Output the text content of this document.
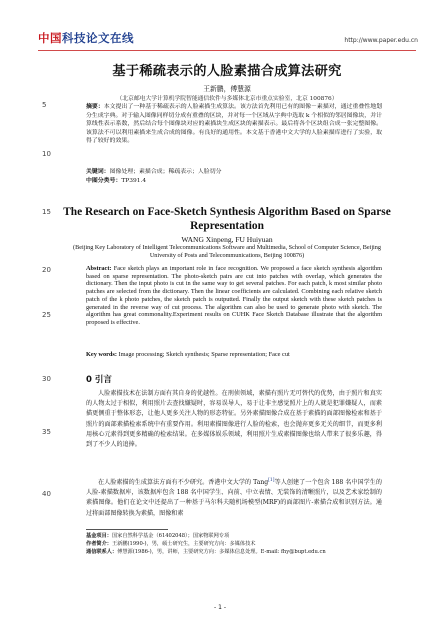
中国科技论文在线	http://www.paper.edu.cn
5
10
15
20
25
30
35
40
基于稀疏表示的人脸素描合成算法研究
王新鹏，傅慧源
（北京邮电大学计算机学院智能通信软件与多媒体北京市重点实验室，北京 100876）
摘要：本文提出了一种基于稀疏表示的人脸素描生成算法。该方法首先利用已有的图像－素描对，通过重叠性地划分生成字典。对于输入图像同样切分成有重叠的区块，并对每一个区域从字典中选取 k 个相似的邻居图像块，并计算线性表示系数，然后结合每个图像块对应的素描块生成区块的素描表示。最后将各个区块组合成一张完整图像。该算法不可以利用素描来生成合成的图像。有良好的通用性。本文基于香港中文大学的人脸素描库进行了实验，取得了较好的效果。
关键词：图像处理；素描合成；稀疏表示；人脸切分
中图分类号：TP391.4
The Research on Face-Sketch Synthesis Algorithm Based on Sparse Representation
WANG Xinpeng, FU Huiyuan
(Beijing Key Laboratory of Intelligent Telecommunications Software and Multimedia, School of Computer Science, Beijing University of Posts and Telecommunications, Beijing 100876)
Abstract: Face sketch plays an important role in face recognition. We proposed a face sketch synthesis algorithm based on sparse representation. The photo-sketch pairs are cut into patches with overlap, which generates the dictionary. Then the input photo is cut in the same way to get several patches. For each patch, k most similar photo patches are selected from the dictionary. Then the linear coefficients are calculated. Combining each relative sketch patch of the k photo patches, the sketch patch is outputted. Finally the output sketch with these sketch patches is generated in the reverse way of cut process. The algorithm can also be used to generate photo with sketch. The algorithm has great commonality.Experiment results on CUHK Face Sketch Database illustrate that the algorithm proposed is effective.
Key words: Image processing; Sketch synthesis; Sparse representation; Face cut
0 引言
人脸素描技术在法制方面有其自身的优越性。在刑侦领域，素描有照片无可替代的优势，由于照片和真实的人物太过于相似，利用照片去查找嫌疑时，容易误导人，易于让非主感觉照片上的人就是犯罪嫌疑人，而素描更侧重于整体形态，让他人更多关注人物的形态特征。另外素描图像合成在基于素描的面部图像检索和基于照片的面部素描检索系统中有重要作用。利用素描图像进行人脸的检索，也会抛弃更多无关的细节，而更多利用核心元素得到更多精确的检索结果。在多媒体娱乐领域，利用照片生成素描图像也给人带来了很多乐趣，得到了不少人的追捧。
在人脸素描的生成算法方面有不少研究。香港中文大学的 Tang[1]等人创建了一个包含 188 名中国学生的人脸-素描数据库，该数据库包含 188 名中国学生、向前、中立表情、无装饰的清晰照片，以及艺术家绘制的素描图像。他们在论文中还提出了一种基于马尔科夫随机场模型(MRF)的面部图片-素描合成和识别方法。通过将面部图像转换为素描，图像和素
基金项目：国家自然科学基金（61402048）；国家物联网专项
作者简介：王新鹏(1990-)，男，硕士研究生，主要研究方向：多媒体技术
通信联系人：傅慧源(1986-)，男，讲师，主要研究方向：多媒体信息处理。E-mail: fhy@bupt.edu.cn
- 1 -
